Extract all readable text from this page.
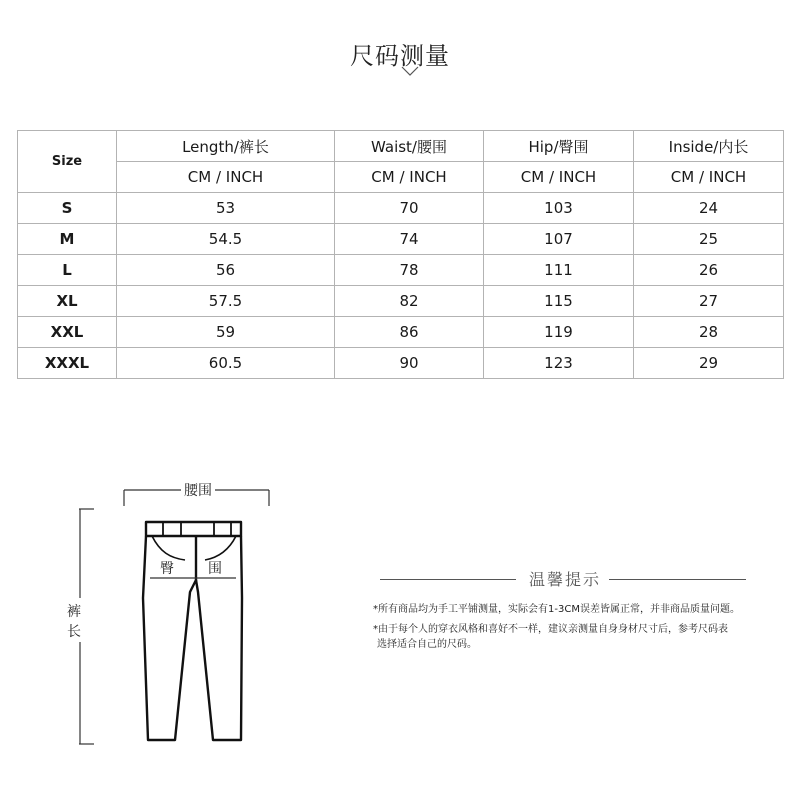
尺码测量
Size	Length/裤长	Waist/腰围	Hip/臀围	Inside/内长
	CM / INCH	CM / INCH	CM / INCH	CM / INCH
S	53	70	103	24
M	54.5	74	107	25
L	56	78	111	26
XL	57.5	82	115	27
XXL	59	86	119	28
XXXL	60.5	90	123	29
腰围
臀 围
裤
长
温馨提示
*所有商品均为手工平铺测量，实际会有1-3CM误差皆属正常，并非商品质量问题。
*由于每个人的穿衣风格和喜好不一样，建议亲测量自身身材尺寸后，参考尺码表
选择适合自己的尺码。
